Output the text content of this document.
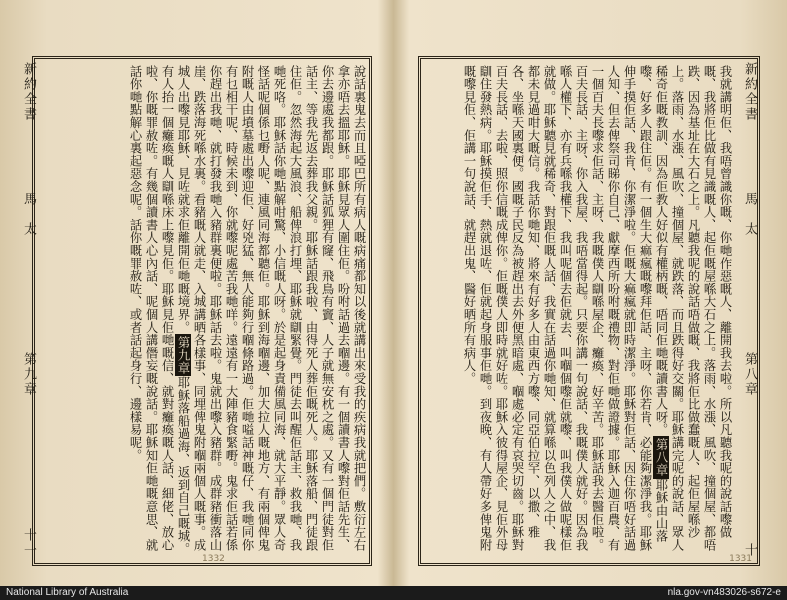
說話裏鬼去而且啞巴所有病人嘅病痛都知以後就講出來受我的疾病我就把們。敷衍左右拿亦唔去搵耶穌。耶穌見眾人圍住佢。吩咐話過去嗰邊。有一個讀書人嚟對佢話先生、你去邊處我都跟。耶穌話狐狸有窿、飛鳥有竇、人子就無安枕之處。又有一個門徒對佢話主、等我先返去葬我父親。耶穌話跟我啦、由得死人葬佢嘅死人。耶穌落船、門徒跟住佢。忽然海起大風浪、船俾浪打埋、耶穌就瞓緊覺。門徒去叫醒佢話主、救我哋、我哋死咯。耶穌話你哋點解咁驚、小信嘅人呀。於是起身責備風同海、就大平靜。眾人奇怪話呢個係乜嘢人呢、連風同海都聽佢。耶穌到海嗰邊、加大拉人嘅地方、有兩個俾鬼附嘅人由墳墓處出嚟迎佢、好兇猛、無人能夠行嗰條路過。佢哋嗌話神嘅仔、我哋同你有乜相干呢、時候未到、你就嚟呢處苦我哋咩。遠遠有一大陣豬食緊嘢。鬼求佢話若係你趕出我哋、就打發我哋入豬群裏便啦。耶穌話去啦。鬼就出嚟入豬群。成群豬衝落山崖、跌落海死喺水裏。看豬嘅人就走、入城講晒各樣事、同埋俾鬼附嗰兩個人嘅事。成城人出嚟見耶穌、見咗就求佢離開佢哋嘅境界。第九章耶穌落船過海、返到自己嘅城。有人抬一個癱瘓嘅人瞓喺床上嚟見佢。耶穌見佢哋嘅信、就對癱瘓嘅人話、細佬、放心啦、你嘅罪赦咗。有幾個讀書人心內話、呢個人講僭妄嘅說話。耶穌知佢哋嘅意思、就話你哋點解心裏起惡念呢。話你嘅罪赦咗、或者話起身行、邊樣易呢。
新約全書
馬　太
第九章
十一
1332
我就講明佢、我唔曾識你嘅、你哋作惡嘅人、離開我去啦。所以凡聽我呢的說話嚟做嘅、我將佢比做有見識嘅人、起佢嘅屋喺大石之上。落雨、水漲、風吹、撞個屋、都唔跌、因為基址在大石之上。凡聽我呢的說話唔做嘅、我將佢比做蠢嘅人、起佢屋喺沙上。落雨、水漲、風吹、撞個屋、就跌落、而且跌得好交關。耶穌講完呢的說話、眾人稀奇佢嘅教訓、因為佢教人好似有權柄嘅、唔同佢哋嘅讀書人呀。第八章耶穌由山落嚟、好多人跟住佢。有一個生大痲瘋嘅嚟拜佢話、主呀、你若肯、必能夠潔淨我。耶穌伸手摸佢話、我肯、你潔淨啦。佢嘅大痲瘋就即時潔淨。耶穌對佢話、因住你唔好話過人知、但去俾祭司睇你自己、獻摩西所吩咐嘅禮物、對佢哋做證據。耶穌入迦百農、有一個百夫長嚟求佢話、主呀、我嘅僕人瞓喺屋企、癱瘓、好辛苦。耶穌話我去醫佢啦。百夫長話、主呀、你入我屋、我唔當得起。只要你講一句說話、我嘅僕人就好。因為我喺人權下、亦有兵喺我權下、我叫呢個去佢就去、叫嗰個嚟佢就嚟、叫我僕人做呢樣佢就做。耶穌聽見就稀奇、對跟佢嘅人話、我實在話過你哋知、就算喺以色列人之中、我都未見過咁大嘅信。我話你哋知、將來有好多人由東西方嚟、同亞伯拉罕、以撒、雅各、坐喺天國裏便。國嘅子民反為被趕出去外便黑暗處、嗰處必定有哀哭切齒。耶穌對百夫長話、去啦、照你信嘅成俾你。佢嘅僕人即時就好咗。耶穌入彼得屋企、見佢外母瞓住發熱病。耶穌摸佢手、熱就退咗、佢就起身服事佢哋。到夜晚、有人帶好多俾鬼附嘅嚟見佢、佢講一句說話、就趕出鬼、醫好晒所有病人。	新約全書
馬　太
第八章
十
1331
National Library of Australia	nla.gov-vn483026-s672-e
